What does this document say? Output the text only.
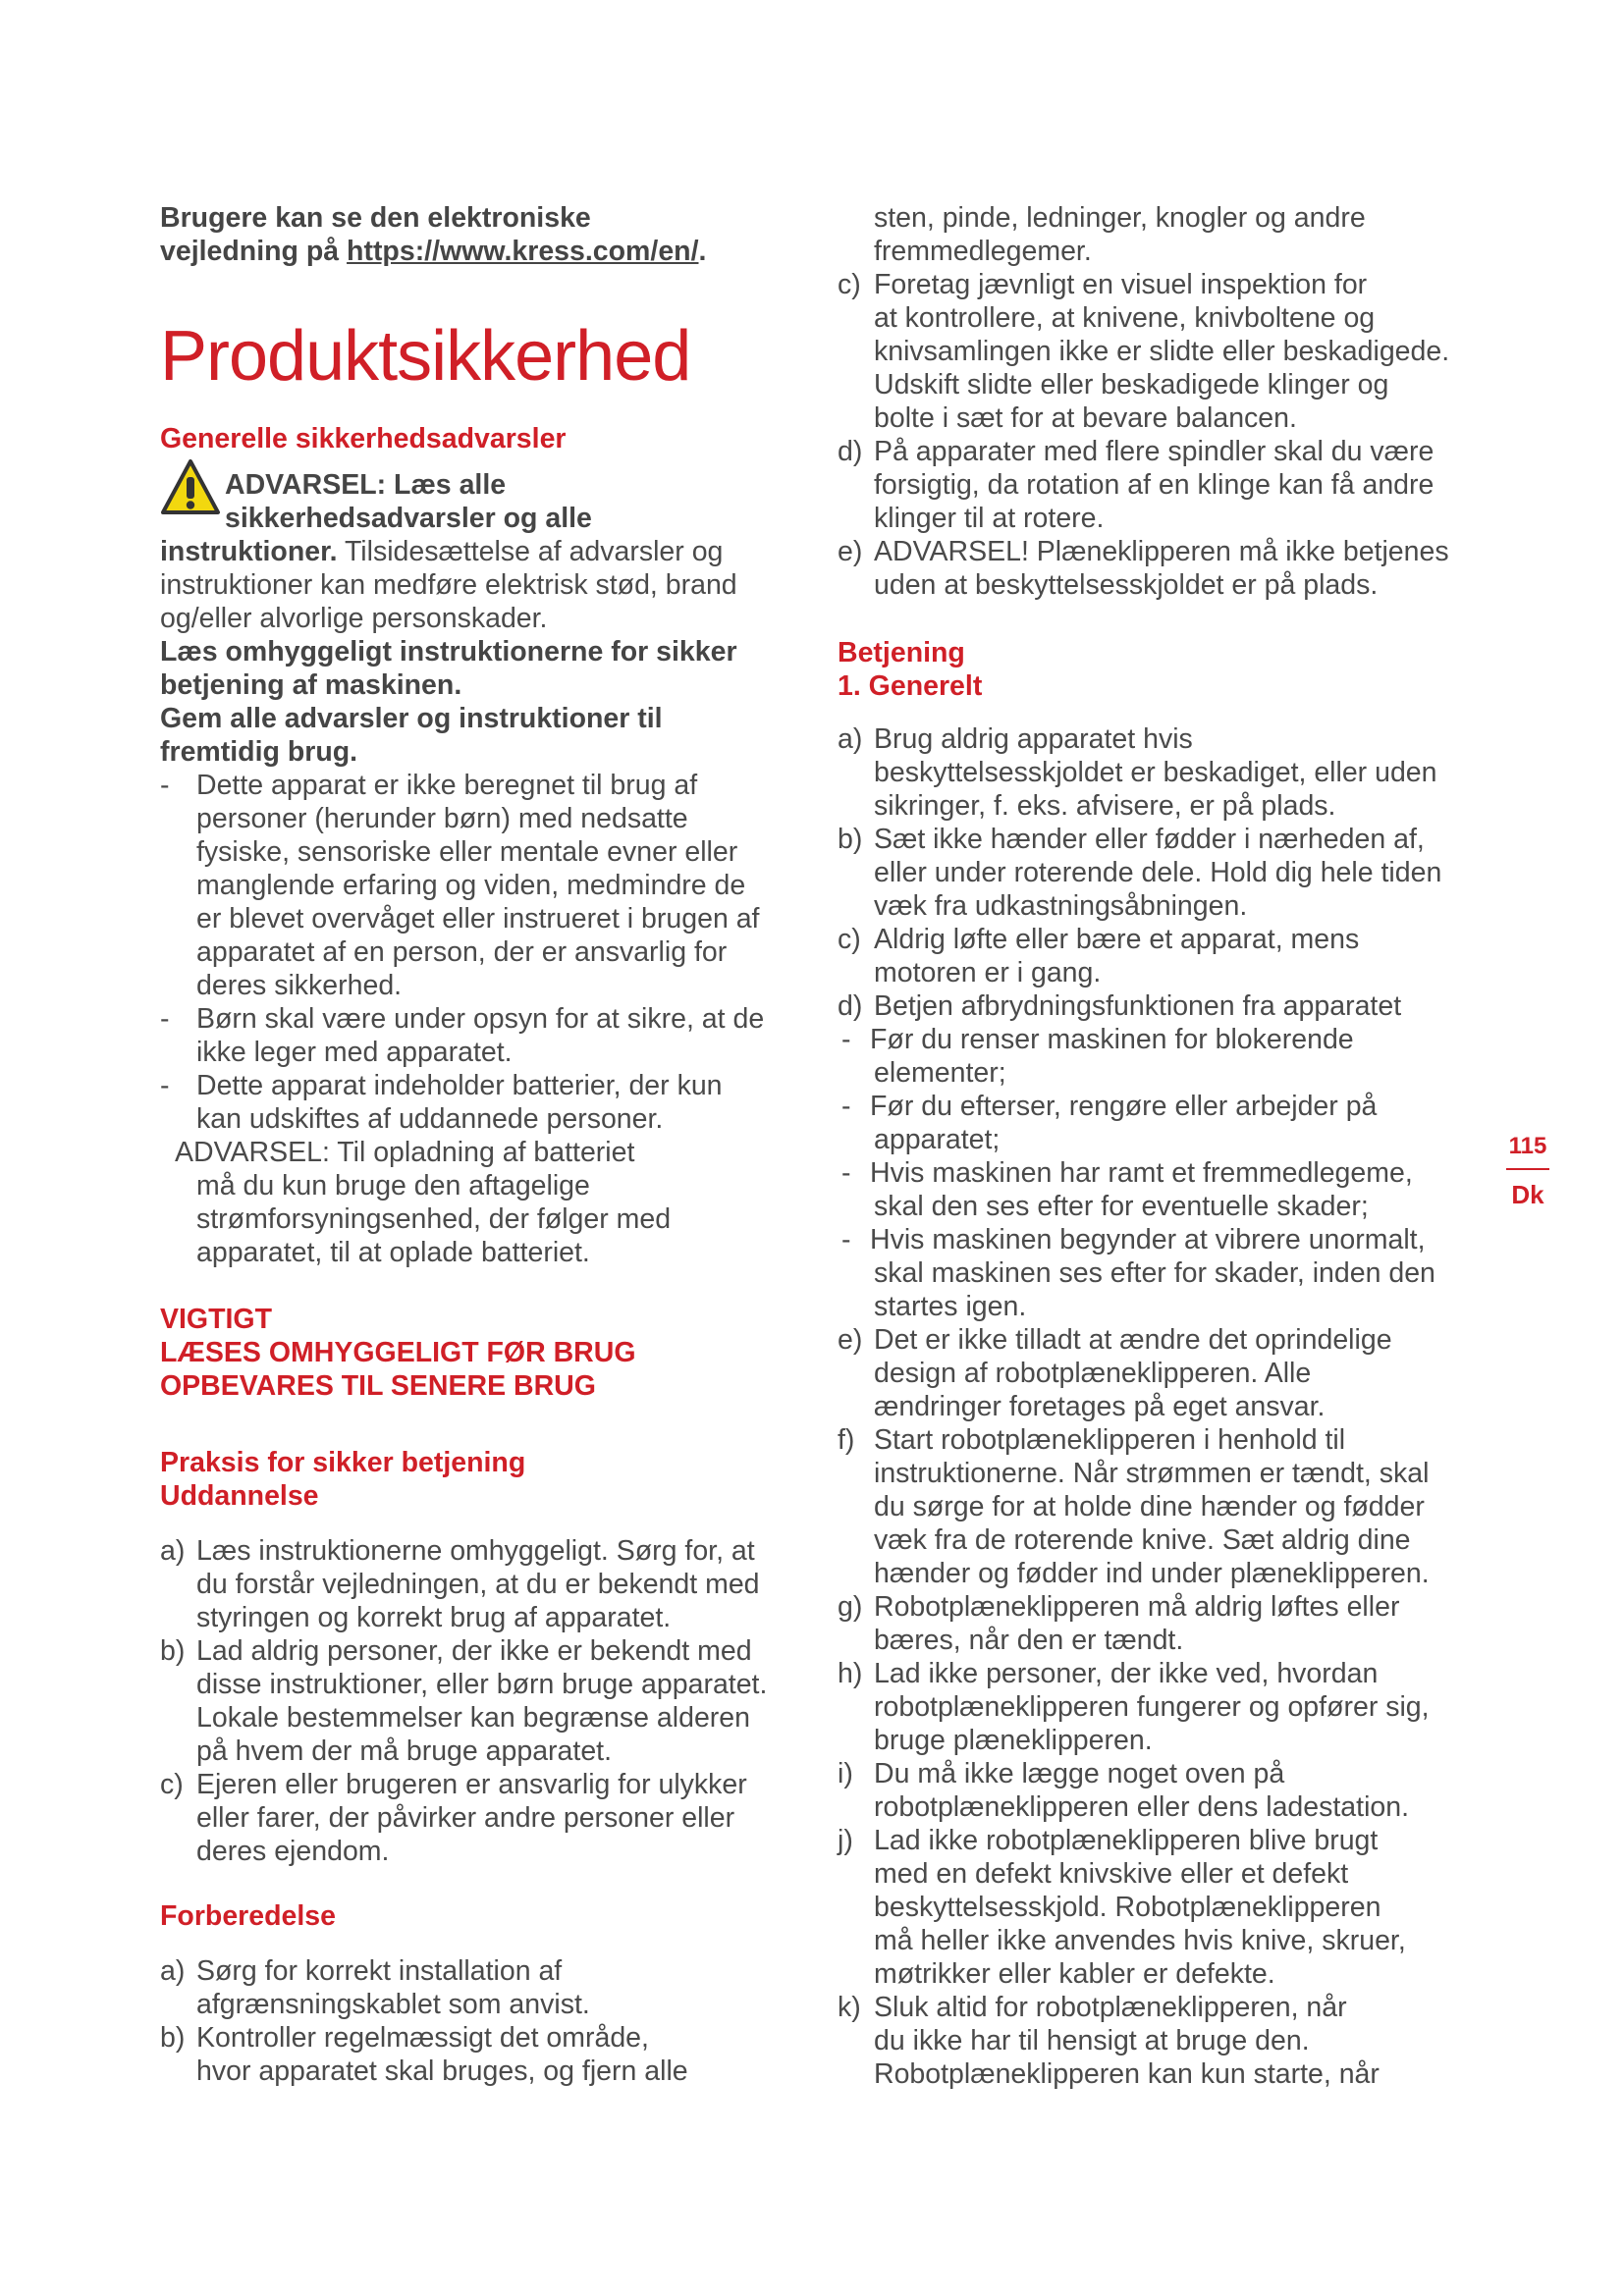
Brugere kan se den elektroniske
vejledning på https://www.kress.com/en/.
Produktsikkerhed
Generelle sikkerhedsadvarsler
ADVARSEL: Læs alle
sikkerhedsadvarsler og alle
instruktioner. Tilsidesættelse af advarsler og
instruktioner kan medføre elektrisk stød, brand
og/eller alvorlige personskader.
Læs omhyggeligt instruktionerne for sikker
betjening af maskinen.
Gem alle advarsler og instruktioner til
fremtidig brug.
- Dette apparat er ikke beregnet til brug af
personer (herunder børn) med nedsatte
fysiske, sensoriske eller mentale evner eller
manglende erfaring og viden, medmindre de
er blevet overvåget eller instrueret i brugen af
apparatet af en person, der er ansvarlig for
deres sikkerhed.
- Børn skal være under opsyn for at sikre, at de
ikke leger med apparatet.
- Dette apparat indeholder batterier, der kun
kan udskiftes af uddannede personer.
ADVARSEL: Til opladning af batteriet
må du kun bruge den aftagelige
strømforsyningsenhed, der følger med
apparatet, til at oplade batteriet.
VIGTIGT
LÆSES OMHYGGELIGT FØR BRUG
OPBEVARES TIL SENERE BRUG
Praksis for sikker betjening
Uddannelse
a) Læs instruktionerne omhyggeligt. Sørg for, at
du forstår vejledningen, at du er bekendt med
styringen og korrekt brug af apparatet.
b) Lad aldrig personer, der ikke er bekendt med
disse instruktioner, eller børn bruge apparatet.
Lokale bestemmelser kan begrænse alderen
på hvem der må bruge apparatet.
c) Ejeren eller brugeren er ansvarlig for ulykker
eller farer, der påvirker andre personer eller
deres ejendom.
Forberedelse
a) Sørg for korrekt installation af
afgrænsningskablet som anvist.
b) Kontroller regelmæssigt det område,
hvor apparatet skal bruges, og fjern alle
sten, pinde, ledninger, knogler og andre
fremmedlegemer.
c) Foretag jævnligt en visuel inspektion for
at kontrollere, at knivene, knivboltene og
knivsamlingen ikke er slidte eller beskadigede.
Udskift slidte eller beskadigede klinger og
bolte i sæt for at bevare balancen.
d) På apparater med flere spindler skal du være
forsigtig, da rotation af en klinge kan få andre
klinger til at rotere.
e) ADVARSEL! Plæneklipperen må ikke betjenes
uden at beskyttelsesskjoldet er på plads.
Betjening
1. Generelt
a) Brug aldrig apparatet hvis
beskyttelsesskjoldet er beskadiget, eller uden
sikringer, f. eks. afvisere, er på plads.
b) Sæt ikke hænder eller fødder i nærheden af,
eller under roterende dele. Hold dig hele tiden
væk fra udkastningsåbningen.
c) Aldrig løfte eller bære et apparat, mens
motoren er i gang.
d) Betjen afbrydningsfunktionen fra apparatet
- Før du renser maskinen for blokerende
elementer;
- Før du efterser, rengøre eller arbejder på
apparatet;
- Hvis maskinen har ramt et fremmedlegeme,
skal den ses efter for eventuelle skader;
- Hvis maskinen begynder at vibrere unormalt,
skal maskinen ses efter for skader, inden den
startes igen.
e) Det er ikke tilladt at ændre det oprindelige
design af robotplæneklipperen. Alle
ændringer foretages på eget ansvar.
f) Start robotplæneklipperen i henhold til
instruktionerne. Når strømmen er tændt, skal
du sørge for at holde dine hænder og fødder
væk fra de roterende knive. Sæt aldrig dine
hænder og fødder ind under plæneklipperen.
g) Robotplæneklipperen må aldrig løftes eller
bæres, når den er tændt.
h) Lad ikke personer, der ikke ved, hvordan
robotplæneklipperen fungerer og opfører sig,
bruge plæneklipperen.
i) Du må ikke lægge noget oven på
robotplæneklipperen eller dens ladestation.
j) Lad ikke robotplæneklipperen blive brugt
med en defekt knivskive eller et defekt
beskyttelsesskjold. Robotplæneklipperen
må heller ikke anvendes hvis knive, skruer,
møtrikker eller kabler er defekte.
k) Sluk altid for robotplæneklipperen, når
du ikke har til hensigt at bruge den.
Robotplæneklipperen kan kun starte, når
115
Dk
